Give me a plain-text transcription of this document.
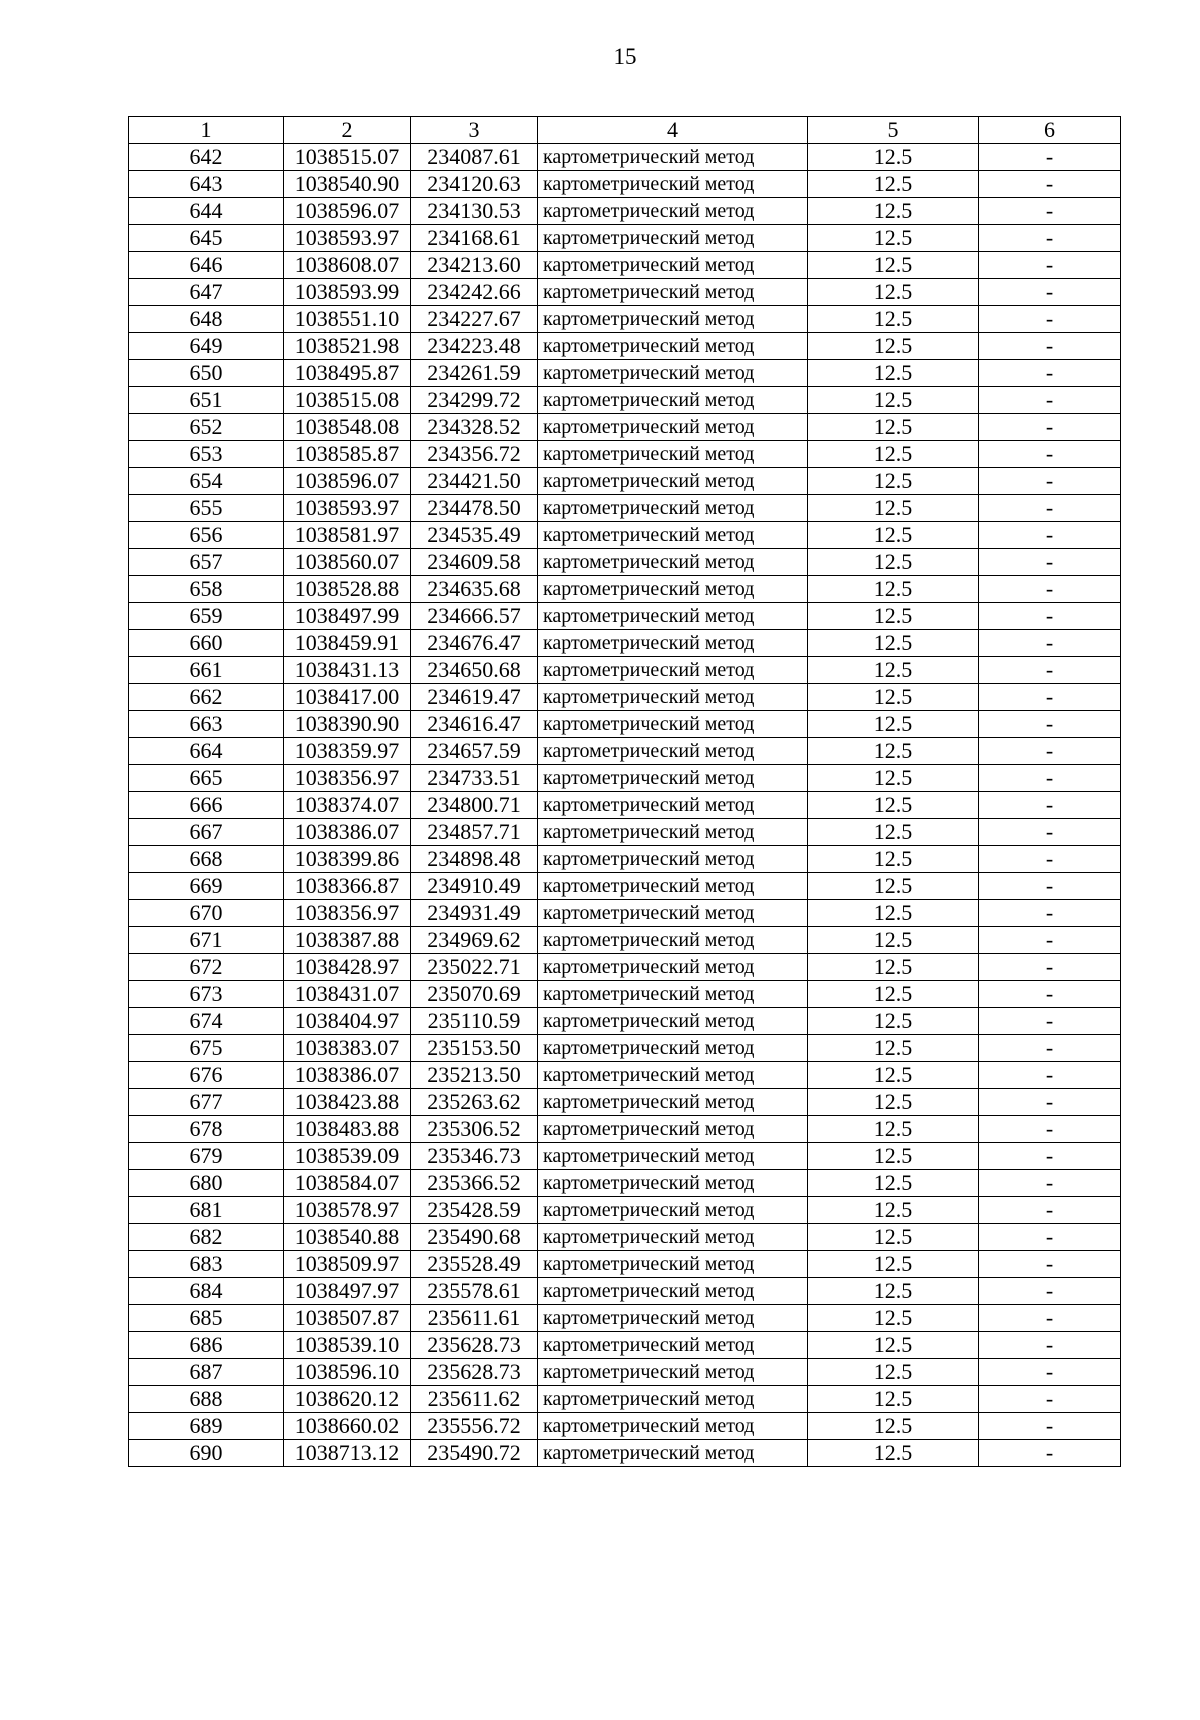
15
1	2	3	4	5	6
642	1038515.07	234087.61	картометрический метод	12.5	-
643	1038540.90	234120.63	картометрический метод	12.5	-
644	1038596.07	234130.53	картометрический метод	12.5	-
645	1038593.97	234168.61	картометрический метод	12.5	-
646	1038608.07	234213.60	картометрический метод	12.5	-
647	1038593.99	234242.66	картометрический метод	12.5	-
648	1038551.10	234227.67	картометрический метод	12.5	-
649	1038521.98	234223.48	картометрический метод	12.5	-
650	1038495.87	234261.59	картометрический метод	12.5	-
651	1038515.08	234299.72	картометрический метод	12.5	-
652	1038548.08	234328.52	картометрический метод	12.5	-
653	1038585.87	234356.72	картометрический метод	12.5	-
654	1038596.07	234421.50	картометрический метод	12.5	-
655	1038593.97	234478.50	картометрический метод	12.5	-
656	1038581.97	234535.49	картометрический метод	12.5	-
657	1038560.07	234609.58	картометрический метод	12.5	-
658	1038528.88	234635.68	картометрический метод	12.5	-
659	1038497.99	234666.57	картометрический метод	12.5	-
660	1038459.91	234676.47	картометрический метод	12.5	-
661	1038431.13	234650.68	картометрический метод	12.5	-
662	1038417.00	234619.47	картометрический метод	12.5	-
663	1038390.90	234616.47	картометрический метод	12.5	-
664	1038359.97	234657.59	картометрический метод	12.5	-
665	1038356.97	234733.51	картометрический метод	12.5	-
666	1038374.07	234800.71	картометрический метод	12.5	-
667	1038386.07	234857.71	картометрический метод	12.5	-
668	1038399.86	234898.48	картометрический метод	12.5	-
669	1038366.87	234910.49	картометрический метод	12.5	-
670	1038356.97	234931.49	картометрический метод	12.5	-
671	1038387.88	234969.62	картометрический метод	12.5	-
672	1038428.97	235022.71	картометрический метод	12.5	-
673	1038431.07	235070.69	картометрический метод	12.5	-
674	1038404.97	235110.59	картометрический метод	12.5	-
675	1038383.07	235153.50	картометрический метод	12.5	-
676	1038386.07	235213.50	картометрический метод	12.5	-
677	1038423.88	235263.62	картометрический метод	12.5	-
678	1038483.88	235306.52	картометрический метод	12.5	-
679	1038539.09	235346.73	картометрический метод	12.5	-
680	1038584.07	235366.52	картометрический метод	12.5	-
681	1038578.97	235428.59	картометрический метод	12.5	-
682	1038540.88	235490.68	картометрический метод	12.5	-
683	1038509.97	235528.49	картометрический метод	12.5	-
684	1038497.97	235578.61	картометрический метод	12.5	-
685	1038507.87	235611.61	картометрический метод	12.5	-
686	1038539.10	235628.73	картометрический метод	12.5	-
687	1038596.10	235628.73	картометрический метод	12.5	-
688	1038620.12	235611.62	картометрический метод	12.5	-
689	1038660.02	235556.72	картометрический метод	12.5	-
690	1038713.12	235490.72	картометрический метод	12.5	-
